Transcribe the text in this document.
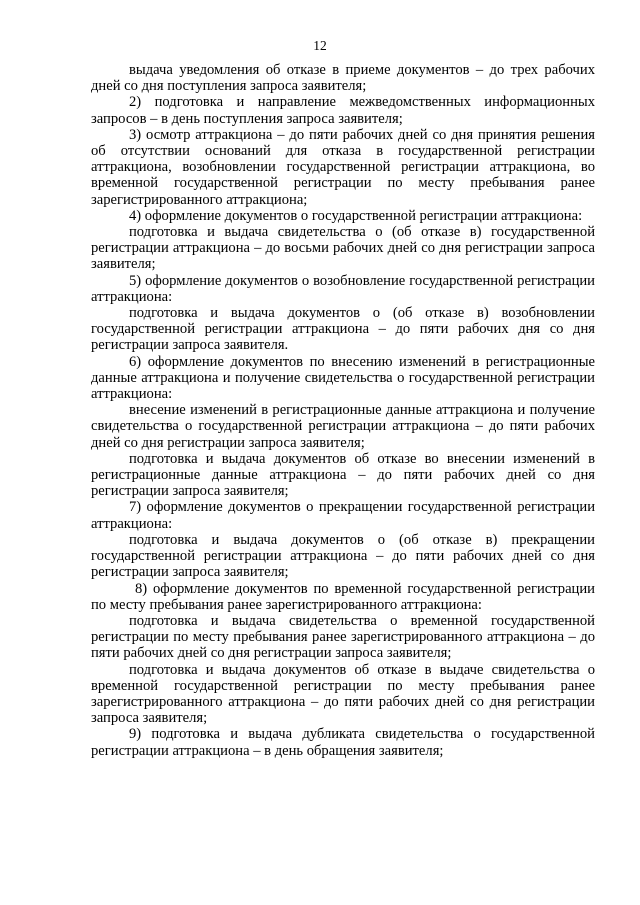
12

выдача уведомления об отказе в приеме документов – до трех рабочих дней со дня поступления запроса заявителя;

2) подготовка и направление межведомственных информационных запросов – в день поступления запроса заявителя;

3) осмотр аттракциона – до пяти рабочих дней со дня принятия решения об отсутствии оснований для отказа в государственной регистрации аттракциона, возобновлении государственной регистрации аттракциона, во временной государственной регистрации по месту пребывания ранее зарегистрированного аттракциона;

4) оформление документов о государственной регистрации аттракциона:

подготовка и выдача свидетельства о (об отказе в) государственной регистрации аттракциона – до восьми рабочих дней со дня регистрации запроса заявителя;

5) оформление документов о возобновление государственной регистрации аттракциона:

подготовка и выдача документов о (об отказе в) возобновлении государственной регистрации аттракциона – до пяти рабочих дня со дня регистрации запроса заявителя.

6) оформление документов по внесению изменений в регистрационные данные аттракциона и получение свидетельства о государственной регистрации аттракциона:

внесение изменений в регистрационные данные аттракциона и получение свидетельства о государственной регистрации аттракциона – до пяти рабочих дней со дня регистрации запроса заявителя;

подготовка и выдача документов об отказе во внесении изменений в регистрационные данные аттракциона – до пяти рабочих дней со дня регистрации запроса заявителя;

7) оформление документов о прекращении государственной регистрации аттракциона:

подготовка и выдача документов о (об отказе в) прекращении государственной регистрации аттракциона – до пяти рабочих дней со дня регистрации запроса заявителя;

8) оформление документов по временной государственной регистрации по месту пребывания ранее зарегистрированного аттракциона:

подготовка и выдача свидетельства о временной государственной регистрации по месту пребывания ранее зарегистрированного аттракциона – до пяти рабочих дней со дня регистрации запроса заявителя;

подготовка и выдача документов об отказе в выдаче свидетельства о временной государственной регистрации по месту пребывания ранее зарегистрированного аттракциона – до пяти рабочих дней со дня регистрации запроса заявителя;

9) подготовка и выдача дубликата свидетельства о государственной регистрации аттракциона – в день обращения заявителя;
